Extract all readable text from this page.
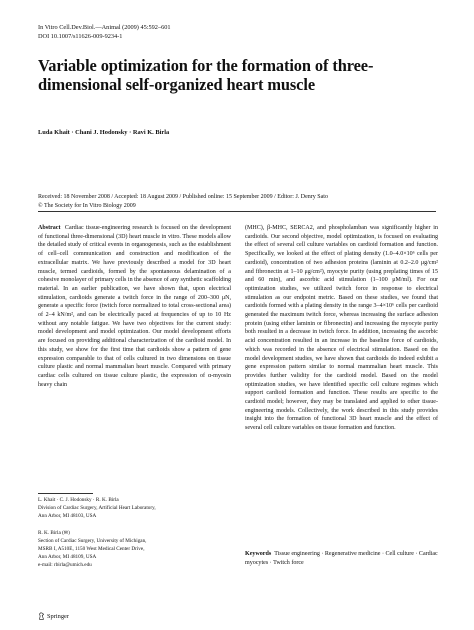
In Vitro Cell.Dev.Biol.—Animal (2009) 45:592–601
DOI 10.1007/s11626-009-9234-1
Variable optimization for the formation of three-dimensional self-organized heart muscle
Luda Khait · Chani J. Hodonsky · Ravi K. Birla
Received: 18 November 2008 / Accepted: 18 August 2009 / Published online: 15 September 2009 / Editor: J. Denry Sato
© The Society for In Vitro Biology 2009

Abstract Cardiac tissue-engineering research is focused on the development of functional three-dimensional (3D) heart muscle in vitro. These models allow the detailed study of critical events in organogenesis, such as the establishment of cell–cell communication and construction and modification of the extracellular matrix. We have previously described a model for 3D heart muscle, termed cardioids, formed by the spontaneous delamination of a cohesive monolayer of primary cells in the absence of any synthetic scaffolding material. In an earlier publication, we have shown that, upon electrical stimulation, cardioids generate a twitch force in the range of 200–300 μN, generate a specific force (twitch force normalized to total cross-sectional area) of 2–4 kN/m², and can be electrically paced at frequencies of up to 10 Hz without any notable fatigue. We have two objectives for the current study: model development and model optimization. Our model development efforts are focused on providing additional characterization of the cardioid model. In this study, we show for the first time that cardioids show a pattern of gene expression comparable to that of cells cultured in two dimensions on tissue culture plastic and normal mammalian heart muscle. Compared with primary cardiac cells cultured on tissue culture plastic, the expression of α-myosin heavy chain

(MHC), β-MHC, SERCA2, and phospholamban was significantly higher in cardioids. Our second objective, model optimization, is focused on evaluating the effect of several cell culture variables on cardioid formation and function. Specifically, we looked at the effect of plating density (1.0–4.0×10⁶ cells per cardioid), concentration of two adhesion proteins (laminin at 0.2–2.0 μg/cm² and fibronectin at 1–10 μg/cm²), myocyte purity (using preplating times of 15 and 60 min), and ascorbic acid stimulation (1–100 μM/ml). For our optimization studies, we utilized twitch force in response to electrical stimulation as our endpoint metric. Based on these studies, we found that cardioids formed with a plating density in the range 3–4×10⁶ cells per cardioid generated the maximum twitch force, whereas increasing the surface adhesion protein (using either laminin or fibronectin) and increasing the myocyte purity both resulted in a decrease in twitch force. In addition, increasing the ascorbic acid concentration resulted in an increase in the baseline force of cardioids, which was recorded in the absence of electrical stimulation. Based on the model development studies, we have shown that cardioids do indeed exhibit a gene expression pattern similar to normal mammalian heart muscle. This provides further validity for the cardioid model. Based on the model optimization studies, we have identified specific cell culture regimes which support cardioid formation and function. These results are specific to the cardioid model; however, they may be translated and applied to other tissue-engineering models. Collectively, the work described in this study provides insight into the formation of functional 3D heart muscle and the effect of several cell culture variables on tissue formation and function.

L. Khait · C. J. Hodonsky · R. K. Birla
Division of Cardiac Surgery, Artificial Heart Laboratory,
Ann Arbor, MI 48103, USA
R. K. Birla (✉)
Section of Cardiac Surgery, University of Michigan,
MSRB I, A510E, 1150 West Medical Center Drive,
Ann Arbor, MI 48109, USA
e-mail: rbirla@umich.edu
Keywords Tissue engineering · Regenerative medicine · Cell culture · Cardiac myocytes · Twitch force
Springer
